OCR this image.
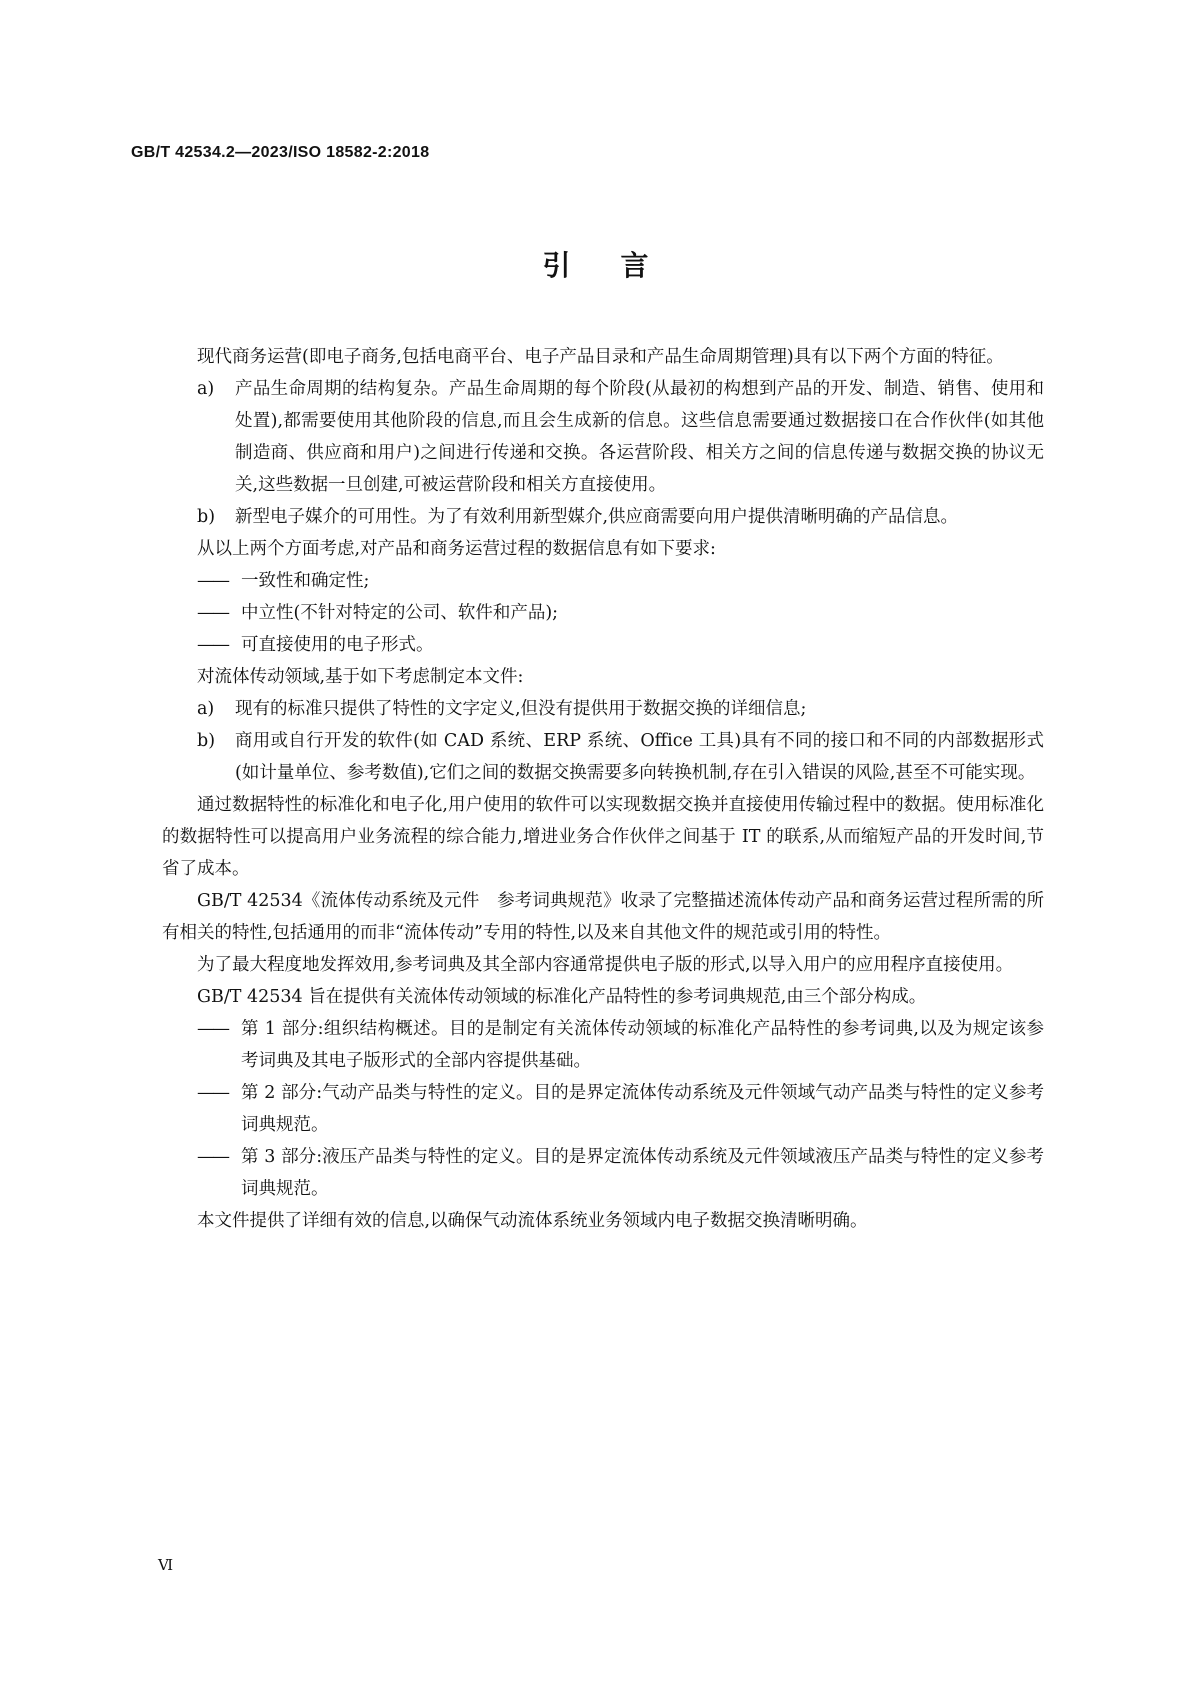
GB/T 42534.2—2023/ISO 18582-2:2018
引言

现代商务运营(即电子商务,包括电商平台、电子产品目录和产品生命周期管理)具有以下两个方面的特征。

a)	产品生命周期的结构复杂。产品生命周期的每个阶段(从最初的构想到产品的开发、制造、销售、使用和处置),都需要使用其他阶段的信息,而且会生成新的信息。这些信息需要通过数据接口在合作伙伴(如其他制造商、供应商和用户)之间进行传递和交换。各运营阶段、相关方之间的信息传递与数据交换的协议无关,这些数据一旦创建,可被运营阶段和相关方直接使用。
b)	新型电子媒介的可用性。为了有效利用新型媒介,供应商需要向用户提供清晰明确的产品信息。

从以上两个方面考虑,对产品和商务运营过程的数据信息有如下要求:

—— 一致性和确定性;
—— 中立性(不针对特定的公司、软件和产品);
—— 可直接使用的电子形式。

对流体传动领域,基于如下考虑制定本文件:

a)	现有的标准只提供了特性的文字定义,但没有提供用于数据交换的详细信息;
b)	商用或自行开发的软件(如 CAD 系统、ERP 系统、Office 工具)具有不同的接口和不同的内部数据形式(如计量单位、参考数值),它们之间的数据交换需要多向转换机制,存在引入错误的风险,甚至不可能实现。

通过数据特性的标准化和电子化,用户使用的软件可以实现数据交换并直接使用传输过程中的数据。使用标准化的数据特性可以提高用户业务流程的综合能力,增进业务合作伙伴之间基于 IT 的联系,从而缩短产品的开发时间,节省了成本。

GB/T 42534《流体传动系统及元件　参考词典规范》收录了完整描述流体传动产品和商务运营过程所需的所有相关的特性,包括通用的而非“流体传动”专用的特性,以及来自其他文件的规范或引用的特性。

为了最大程度地发挥效用,参考词典及其全部内容通常提供电子版的形式,以导入用户的应用程序直接使用。

GB/T 42534 旨在提供有关流体传动领域的标准化产品特性的参考词典规范,由三个部分构成。

—— 第 1 部分:组织结构概述。目的是制定有关流体传动领域的标准化产品特性的参考词典,以及为规定该参考词典及其电子版形式的全部内容提供基础。
—— 第 2 部分:气动产品类与特性的定义。目的是界定流体传动系统及元件领域气动产品类与特性的定义参考词典规范。
—— 第 3 部分:液压产品类与特性的定义。目的是界定流体传动系统及元件领域液压产品类与特性的定义参考词典规范。

本文件提供了详细有效的信息,以确保气动流体系统业务领域内电子数据交换清晰明确。

Ⅵ
